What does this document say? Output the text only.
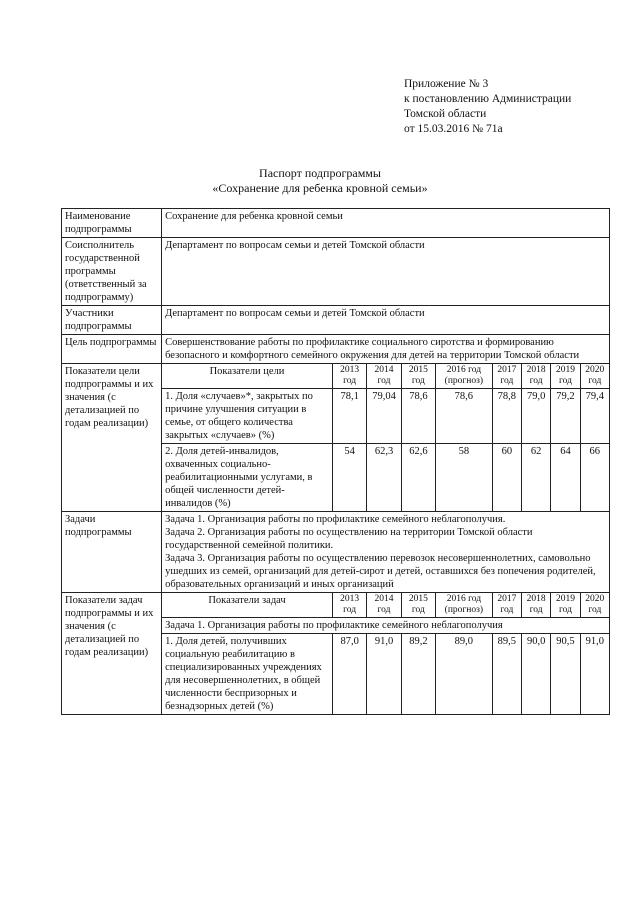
Приложение № 3
к постановлению Администрации
Томской области
от 15.03.2016 № 71а
Паспорт подпрограммы
«Сохранение для ребенка кровной семьи»
Наименование подпрограммы	Сохранение для ребенка кровной семьи								
Соисполнитель государственной программы (ответственный за подпрограмму)	Департамент по вопросам семьи и детей Томской области								
Участники подпрограммы	Департамент по вопросам семьи и детей Томской области								
Цель подпрограммы	Совершенствование работы по профилактике социального сиротства и формированию безопасного и комфортного семейного окружения для детей на территории Томской области								
Показатели цели подпрограммы и их значения (с детализацией по годам реализации)	Показатели цели	2013 год	2014 год	2015 год	2016 год (прогноз)	2017 год	2018 год	2019 год	2020 год
	1. Доля «случаев»*, закрытых по причине улучшения ситуации в семье, от общего количества закрытых «случаев» (%)	78,1	79,04	78,6	78,6	78,8	79,0	79,2	79,4
	2. Доля детей-инвалидов, охваченных социально-реабилитационными услугами, в общей численности детей-инвалидов (%)	54	62,3	62,6	58	60	62	64	66
Задачи подпрограммы	Задача 1. Организация работы по профилактике семейного неблагополучия.
Задача 2. Организация работы по осуществлению на территории Томской области государственной семейной политики.
Задача 3. Организация работы по осуществлению перевозок несовершеннолетних, самовольно ушедших из семей, организаций для детей-сирот и детей, оставшихся без попечения родителей, образовательных организаций и иных организаций								

Показатели задач подпрограммы и их значения (с детализацией по годам реализации)	Показатели задач	2013 год	2014 год	2015 год	2016 год (прогноз)	2017 год	2018 год	2019 год	2020 год
	Задача 1. Организация работы по профилактике семейного неблагополучия								
	1. Доля детей, получивших социальную реабилитацию в специализированных учреждениях для несовершеннолетних, в общей численности беспризорных и безнадзорных детей (%)	87,0	91,0	89,2	89,0	89,5	90,0	90,5	91,0
